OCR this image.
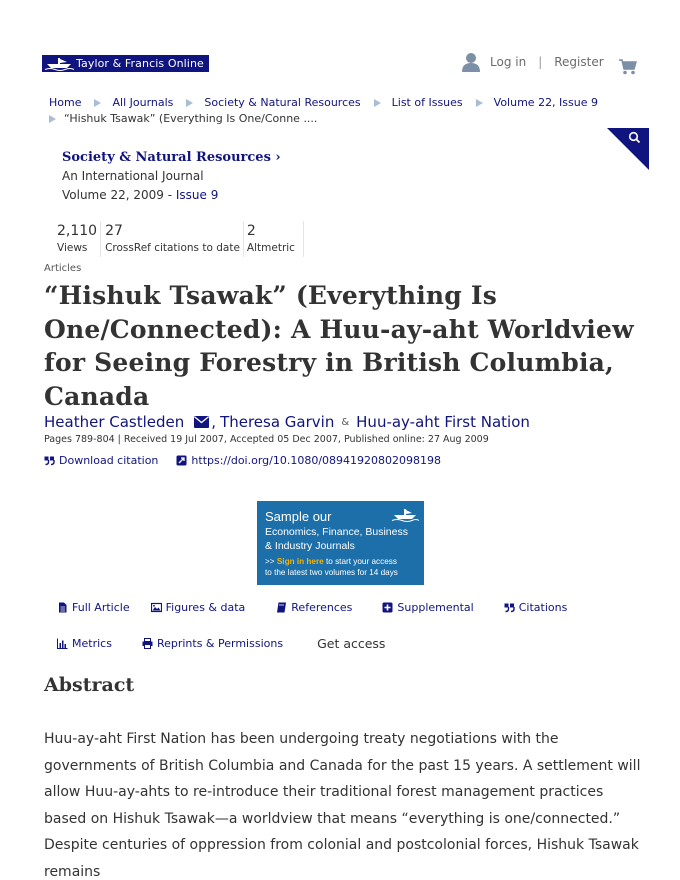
Taylor & Francis Online	Log in | Register
Home	All Journals	Society & Natural Resources	List of Issues	Volume 22, Issue 9
“Hishuk Tsawak” (Everything Is One/Conne ....
Society & Natural Resources ›
An International Journal
Volume 22, 2009 - Issue 9
2,110
Views
27
CrossRef citations to date
2
Altmetric
Articles
“Hishuk Tsawak” (Everything Is One/Connected): A Huu-ay-aht Worldview for Seeing Forestry in British Columbia, Canada
Heather Castleden , Theresa Garvin & Huu-ay-aht First Nation
Pages 789-804 | Received 19 Jul 2007, Accepted 05 Dec 2007, Published online: 27 Aug 2009
Download citation	https://doi.org/10.1080/08941920802098198
Sample our
Economics, Finance, Business & Industry Journals
>> Sign in here to start your access
to the latest two volumes for 14 days
Full Article	Figures & data	References	Supplemental	Citations
Metrics	Reprints & Permissions	Get access
Abstract

Huu-ay-aht First Nation has been undergoing treaty negotiations with the governments of British Columbia and Canada for the past 15 years. A settlement will allow Huu-ay-ahts to re-introduce their traditional forest management practices based on Hishuk Tsawak—a worldview that means “everything is one/connected.” Despite centuries of oppression from colonial and postcolonial forces, Hishuk Tsawak remains
